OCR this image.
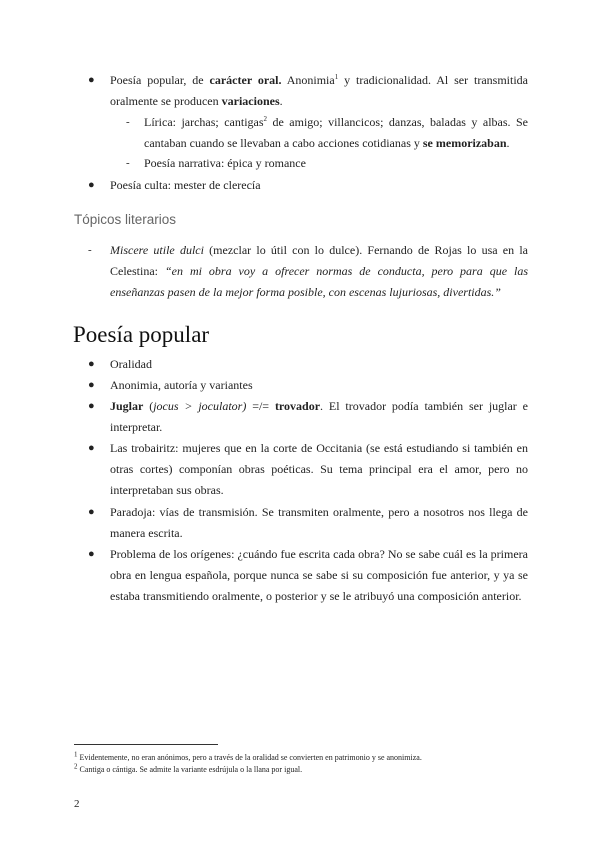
● Poesía popular, de carácter oral. Anonimia$^1$ y tradicionalidad. Al ser transmitida oralmente se producen variaciones.
- Lírica: jarchas; cantigas$^2$ de amigo; villancicos; danzas, baladas y albas. Se cantaban cuando se llevaban a cabo acciones cotidianas y se memorizaban.
- Poesía narrativa: épica y romance
● Poesía culta: mester de clerecía
Tópicos literarios
- Miscere utile dulci (mezclar lo útil con lo dulce). Fernando de Rojas lo usa en la Celestina: “en mi obra voy a ofrecer normas de conducta, pero para que las enseñanzas pasen de la mejor forma posible, con escenas lujuriosas, divertidas.”
Poesía popular
● Oralidad
● Anonimia, autoría y variantes
● Juglar (jocus > joculator) =/= trovador. El trovador podía también ser juglar e interpretar.
● Las trobairitz: mujeres que en la corte de Occitania (se está estudiando si también en otras cortes) componían obras poéticas. Su tema principal era el amor, pero no interpretaban sus obras.
● Paradoja: vías de transmisión. Se transmiten oralmente, pero a nosotros nos llega de manera escrita.
● Problema de los orígenes: ¿cuándo fue escrita cada obra? No se sabe cuál es la primera obra en lengua española, porque nunca se sabe si su composición fue anterior, y ya se estaba transmitiendo oralmente, o posterior y se le atribuyó una composición anterior.
$^1$ Evidentemente, no eran anónimos, pero a través de la oralidad se convierten en patrimonio y se anonimiza.
$^2$ Cantiga o cántiga. Se admite la variante esdrújula o la llana por igual.
2
